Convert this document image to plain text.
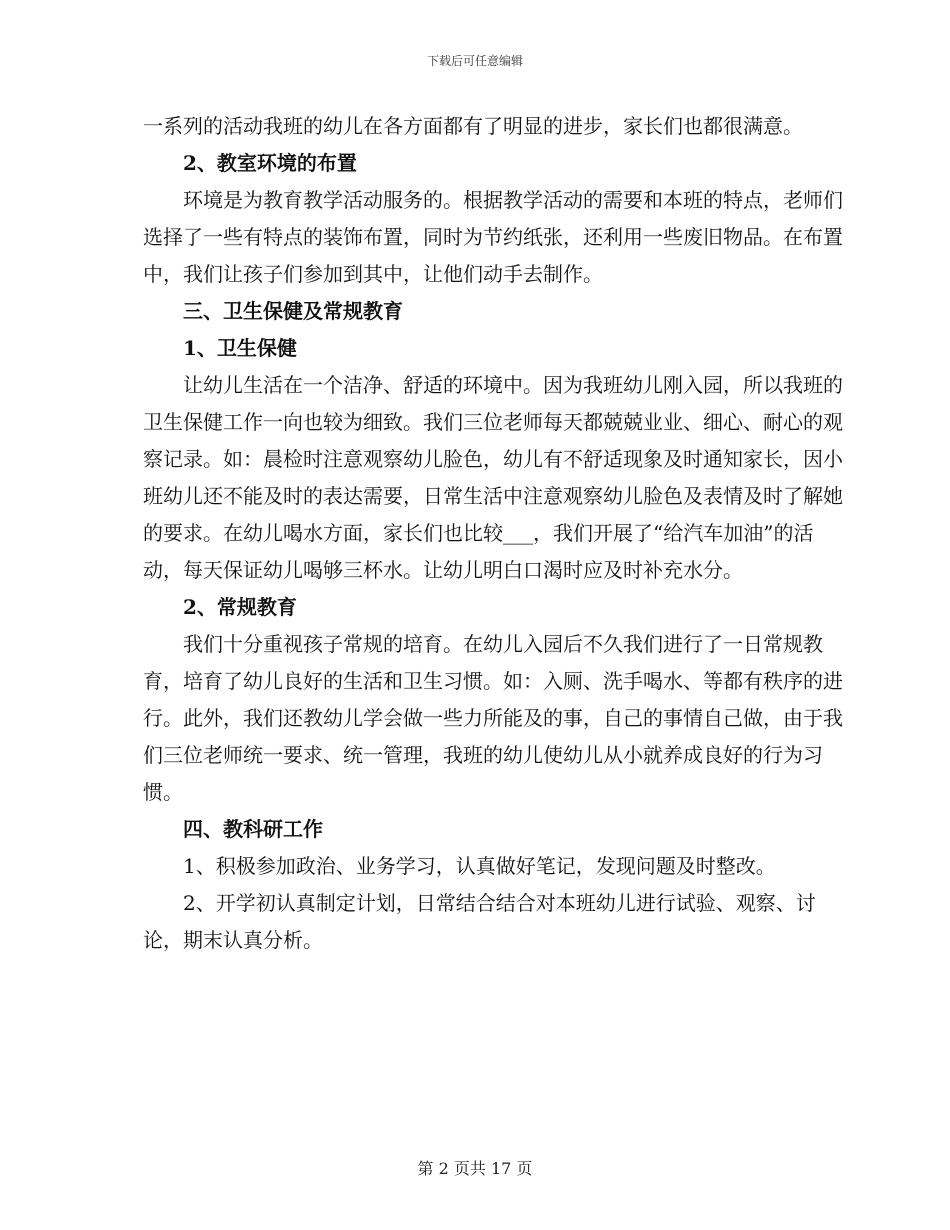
下载后可任意编辑

一系列的活动我班的幼儿在各方面都有了明显的进步，家长们也都很满意。

2、教室环境的布置

环境是为教育教学活动服务的。根据教学活动的需要和本班的特点，老师们选择了一些有特点的装饰布置，同时为节约纸张，还利用一些废旧物品。在布置中，我们让孩子们参加到其中，让他们动手去制作。

三、卫生保健及常规教育
1、卫生保健

让幼儿生活在一个洁净、舒适的环境中。因为我班幼儿刚入园，所以我班的卫生保健工作一向也较为细致。我们三位老师每天都兢兢业业、细心、耐心的观察记录。如：晨检时注意观察幼儿脸色，幼儿有不舒适现象及时通知家长，因小班幼儿还不能及时的表达需要，日常生活中注意观察幼儿脸色及表情及时了解她的要求。在幼儿喝水方面，家长们也比较___，我们开展了“给汽车加油”的活动，每天保证幼儿喝够三杯水。让幼儿明白口渴时应及时补充水分。

2、常规教育

我们十分重视孩子常规的培育。在幼儿入园后不久我们进行了一日常规教育，培育了幼儿良好的生活和卫生习惯。如：入厕、洗手喝水、等都有秩序的进行。此外，我们还教幼儿学会做一些力所能及的事，自己的事情自己做，由于我们三位老师统一要求、统一管理，我班的幼儿使幼儿从小就养成良好的行为习惯。

四、教科研工作

1、积极参加政治、业务学习，认真做好笔记，发现问题及时整改。

2、开学初认真制定计划，日常结合结合对本班幼儿进行试验、观察、讨论，期末认真分析。

第 2 页共 17 页
